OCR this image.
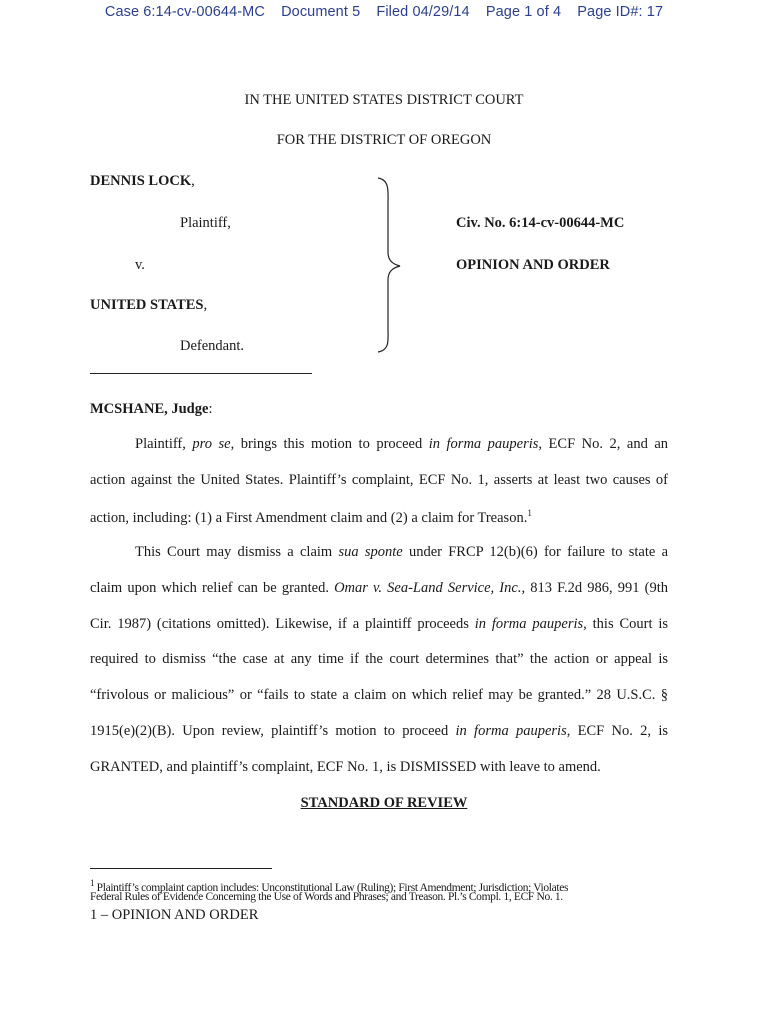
Case 6:14-cv-00644-MC Document 5 Filed 04/29/14 Page 1 of 4 Page ID#: 17
IN THE UNITED STATES DISTRICT COURT
FOR THE DISTRICT OF OREGON
DENNIS LOCK,
Plaintiff,
v.
UNITED STATES,
Defendant.
Civ. No. 6:14-cv-00644-MC
OPINION AND ORDER
MCSHANE, Judge:
Plaintiff, pro se, brings this motion to proceed in forma pauperis, ECF No. 2, and an
action against the United States. Plaintiff’s complaint, ECF No. 1, asserts at least two causes of
action, including: (1) a First Amendment claim and (2) a claim for Treason.$^1$
This Court may dismiss a claim sua sponte under FRCP 12(b)(6) for failure to state a
claim upon which relief can be granted. Omar v. Sea-Land Service, Inc., 813 F.2d 986, 991 (9th
Cir. 1987) (citations omitted). Likewise, if a plaintiff proceeds in forma pauperis, this Court is
required to dismiss “the case at any time if the court determines that” the action or appeal is
“frivolous or malicious” or “fails to state a claim on which relief may be granted.” 28 U.S.C. §
1915(e)(2)(B). Upon review, plaintiff’s motion to proceed in forma pauperis, ECF No. 2, is
GRANTED, and plaintiff’s complaint, ECF No. 1, is DISMISSED with leave to amend.
STANDARD OF REVIEW
$^1$ Plaintiff’s complaint caption includes: Unconstitutional Law (Ruling); First Amendment; Jurisdiction; Violates
Federal Rules of Evidence Concerning the Use of Words and Phrases; and Treason. Pl.’s Compl. 1, ECF No. 1.
1 – OPINION AND ORDER
